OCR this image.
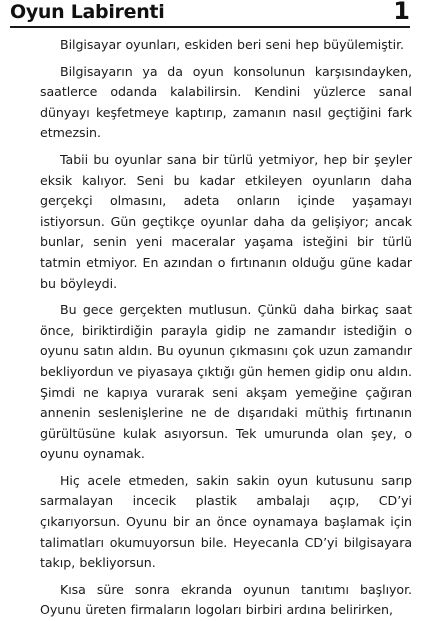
Oyun Labirenti	1

Bilgisayar oyunları, eskiden beri seni hep büyülemiştir.

Bilgisayarın ya da oyun konsolunun karşısındayken, saatlerce odanda kalabilirsin. Kendini yüzlerce sanal dünyayı keşfetmeye kaptırıp, zamanın nasıl geçtiğini fark etmezsin.

Tabii bu oyunlar sana bir türlü yetmiyor, hep bir şeyler eksik kalıyor. Seni bu kadar etkileyen oyunların daha gerçekçi olmasını, adeta onların içinde yaşamayı istiyorsun. Gün geçtikçe oyunlar daha da gelişiyor; ancak bunlar, senin yeni maceralar yaşama isteğini bir türlü tatmin etmiyor. En azından o fırtınanın olduğu güne kadar bu böyleydi.

Bu gece gerçekten mutlusun. Çünkü daha birkaç saat önce, biriktirdiğin parayla gidip ne zamandır istediğin o oyunu satın aldın. Bu oyunun çıkmasını çok uzun zamandır bekliyordun ve piyasaya çıktığı gün hemen gidip onu aldın. Şimdi ne kapıya vurarak seni akşam yemeğine çağıran annenin seslenişlerine ne de dışarıdaki müthiş fırtınanın gürültüsüne kulak asıyorsun. Tek umurunda olan şey, o oyunu oynamak.

Hiç acele etmeden, sakin sakin oyun kutusunu sarıp sarmalayan incecik plastik ambalajı açıp, CD’yi çıkarıyorsun. Oyunu bir an önce oynamaya başlamak için talimatları okumuyorsun bile. Heyecanla CD’yi bilgisayara takıp, bekliyorsun.

Kısa süre sonra ekranda oyunun tanıtımı başlıyor. Oyunu üreten firmaların logoları birbiri ardına belirirken,
